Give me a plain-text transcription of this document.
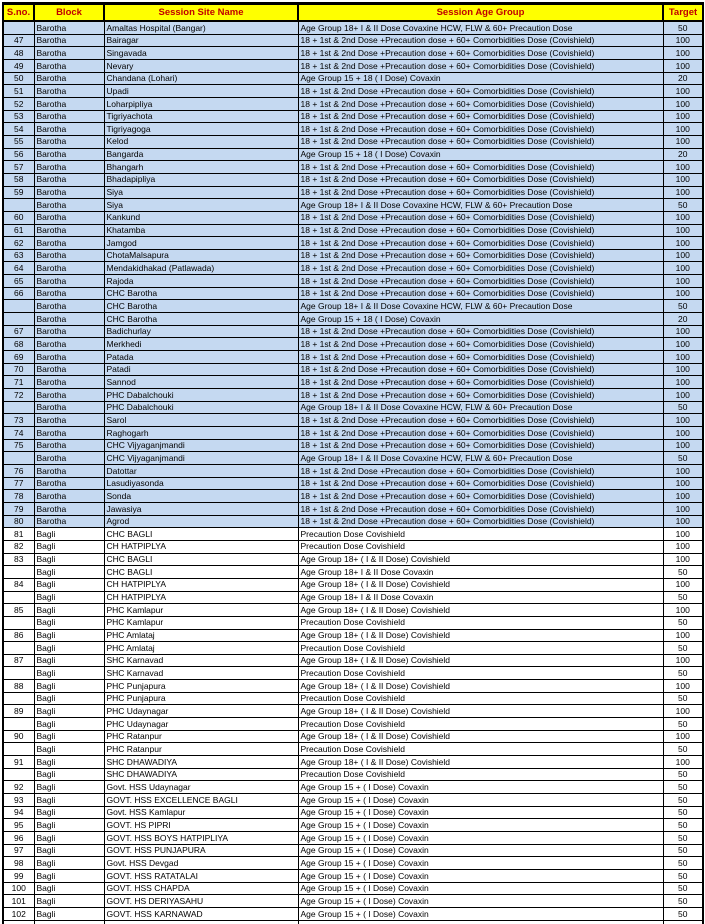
S.no.	Block	Session Site Name	Session Age Group	Target
	Barotha	Amaltas Hospital (Bangar)	Age Group 18+ I & II Dose Covaxine HCW, FLW & 60+ Precaution Dose	50
47	Barotha	Bairagar	18 + 1st & 2nd Dose +Precaution dose + 60+ Comorbidities Dose (Covishield)	100
48	Barotha	Singavada	18 + 1st & 2nd Dose +Precaution dose + 60+ Comorbidities Dose (Covishield)	100
49	Barotha	Nevary	18 + 1st & 2nd Dose +Precaution dose + 60+ Comorbidities Dose (Covishield)	100
50	Barotha	Chandana (Lohari)	Age Group 15 + 18 ( I Dose) Covaxin	20
51	Barotha	Upadi	18 + 1st & 2nd Dose +Precaution dose + 60+ Comorbidities Dose (Covishield)	100
52	Barotha	Loharpipliya	18 + 1st & 2nd Dose +Precaution dose + 60+ Comorbidities Dose (Covishield)	100
53	Barotha	Tigriyachota	18 + 1st & 2nd Dose +Precaution dose + 60+ Comorbidities Dose (Covishield)	100
54	Barotha	Tigriyagoga	18 + 1st & 2nd Dose +Precaution dose + 60+ Comorbidities Dose (Covishield)	100
55	Barotha	Kelod	18 + 1st & 2nd Dose +Precaution dose + 60+ Comorbidities Dose (Covishield)	100
56	Barotha	Bangarda	Age Group 15 + 18 ( I Dose) Covaxin	20
57	Barotha	Bhangarh	18 + 1st & 2nd Dose +Precaution dose + 60+ Comorbidities Dose (Covishield)	100
58	Barotha	Bhadapipliya	18 + 1st & 2nd Dose +Precaution dose + 60+ Comorbidities Dose (Covishield)	100
59	Barotha	Siya	18 + 1st & 2nd Dose +Precaution dose + 60+ Comorbidities Dose (Covishield)	100
	Barotha	Siya	Age Group 18+ I & II Dose Covaxine HCW, FLW & 60+ Precaution Dose	50
60	Barotha	Kankund	18 + 1st & 2nd Dose +Precaution dose + 60+ Comorbidities Dose (Covishield)	100
61	Barotha	Khatamba	18 + 1st & 2nd Dose +Precaution dose + 60+ Comorbidities Dose (Covishield)	100
62	Barotha	Jamgod	18 + 1st & 2nd Dose +Precaution dose + 60+ Comorbidities Dose (Covishield)	100
63	Barotha	ChotaMalsapura	18 + 1st & 2nd Dose +Precaution dose + 60+ Comorbidities Dose (Covishield)	100
64	Barotha	Mendakidhakad (Patlawada)	18 + 1st & 2nd Dose +Precaution dose + 60+ Comorbidities Dose (Covishield)	100
65	Barotha	Rajoda	18 + 1st & 2nd Dose +Precaution dose + 60+ Comorbidities Dose (Covishield)	100
66	Barotha	CHC Barotha	18 + 1st & 2nd Dose +Precaution dose + 60+ Comorbidities Dose (Covishield)	100
	Barotha	CHC Barotha	Age Group 18+ I & II Dose Covaxine HCW, FLW & 60+ Precaution Dose	50
	Barotha	CHC Barotha	Age Group 15 + 18 ( I Dose) Covaxin	20
67	Barotha	Badichurlay	18 + 1st & 2nd Dose +Precaution dose + 60+ Comorbidities Dose (Covishield)	100
68	Barotha	Merkhedi	18 + 1st & 2nd Dose +Precaution dose + 60+ Comorbidities Dose (Covishield)	100
69	Barotha	Patada	18 + 1st & 2nd Dose +Precaution dose + 60+ Comorbidities Dose (Covishield)	100
70	Barotha	Patadi	18 + 1st & 2nd Dose +Precaution dose + 60+ Comorbidities Dose (Covishield)	100
71	Barotha	Sannod	18 + 1st & 2nd Dose +Precaution dose + 60+ Comorbidities Dose (Covishield)	100
72	Barotha	PHC Dabalchouki	18 + 1st & 2nd Dose +Precaution dose + 60+ Comorbidities Dose (Covishield)	100
	Barotha	PHC Dabalchouki	Age Group 18+ I & II Dose Covaxine HCW, FLW & 60+ Precaution Dose	50
73	Barotha	Sarol	18 + 1st & 2nd Dose +Precaution dose + 60+ Comorbidities Dose (Covishield)	100
74	Barotha	Raghogarh	18 + 1st & 2nd Dose +Precaution dose + 60+ Comorbidities Dose (Covishield)	100
75	Barotha	CHC Vijyaganjmandi	18 + 1st & 2nd Dose +Precaution dose + 60+ Comorbidities Dose (Covishield)	100
	Barotha	CHC Vijyaganjmandi	Age Group 18+ I & II Dose Covaxine HCW, FLW & 60+ Precaution Dose	50
76	Barotha	Datottar	18 + 1st & 2nd Dose +Precaution dose + 60+ Comorbidities Dose (Covishield)	100
77	Barotha	Lasudiyasonda	18 + 1st & 2nd Dose +Precaution dose + 60+ Comorbidities Dose (Covishield)	100
78	Barotha	Sonda	18 + 1st & 2nd Dose +Precaution dose + 60+ Comorbidities Dose (Covishield)	100
79	Barotha	Jawasiya	18 + 1st & 2nd Dose +Precaution dose + 60+ Comorbidities Dose (Covishield)	100
80	Barotha	Agrod	18 + 1st & 2nd Dose +Precaution dose + 60+ Comorbidities Dose (Covishield)	100
81	Bagli	CHC BAGLI	Precaution Dose Covishield	100
82	Bagli	CH HATPIPLYA	Precaution Dose Covishield	100
83	Bagli	CHC BAGLI	Age Group 18+ ( I & II Dose) Covishield	100
	Bagli	CHC BAGLI	Age Group 18+ I & II Dose Covaxin	50
84	Bagli	CH HATPIPLYA	Age Group 18+ ( I & II Dose) Covishield	100
	Bagli	CH HATPIPLYA	Age Group 18+ I & II Dose Covaxin	50
85	Bagli	PHC Kamlapur	Age Group 18+ ( I & II Dose) Covishield	100
	Bagli	PHC Kamlapur	Precaution Dose Covishield	50
86	Bagli	PHC Amlataj	Age Group 18+ ( I & II Dose) Covishield	100
	Bagli	PHC Amlataj	Precaution Dose Covishield	50
87	Bagli	SHC Karnavad	Age Group 18+ ( I & II Dose) Covishield	100
	Bagli	SHC Karnavad	Precaution Dose Covishield	50
88	Bagli	PHC Punjapura	Age Group 18+ ( I & II Dose) Covishield	100
	Bagli	PHC Punjapura	Precaution Dose Covishield	50
89	Bagli	PHC Udaynagar	Age Group 18+ ( I & II Dose) Covishield	100
	Bagli	PHC Udaynagar	Precaution Dose Covishield	50
90	Bagli	PHC Ratanpur	Age Group 18+ ( I & II Dose) Covishield	100
	Bagli	PHC Ratanpur	Precaution Dose Covishield	50
91	Bagli	SHC DHAWADIYA	Age Group 18+ ( I & II Dose) Covishield	100
	Bagli	SHC DHAWADIYA	Precaution Dose Covishield	50
92	Bagli	Govt. HSS Udaynagar	Age Group 15 + ( I Dose) Covaxin	50
93	Bagli	GOVT. HSS EXCELLENCE BAGLI	Age Group 15 + ( I Dose) Covaxin	50
94	Bagli	Govt. HSS Kamlapur	Age Group 15 + ( I Dose) Covaxin	50
95	Bagli	GOVT. HS PIPRI	Age Group 15 + ( I Dose) Covaxin	50
96	Bagli	GOVT. HSS BOYS HATPIPLIYA	Age Group 15 + ( I Dose) Covaxin	50
97	Bagli	GOVT. HSS PUNJAPURA	Age Group 15 + ( I Dose) Covaxin	50
98	Bagli	Govt. HSS Devgad	Age Group 15 + ( I Dose) Covaxin	50
99	Bagli	GOVT. HSS RATATALAI	Age Group 15 + ( I Dose) Covaxin	50
100	Bagli	GOVT. HSS CHAPDA	Age Group 15 + ( I Dose) Covaxin	50
101	Bagli	GOVT. HS DERIYASAHU	Age Group 15 + ( I Dose) Covaxin	50
102	Bagli	GOVT. HSS KARNAWAD	Age Group 15 + ( I Dose) Covaxin	50
